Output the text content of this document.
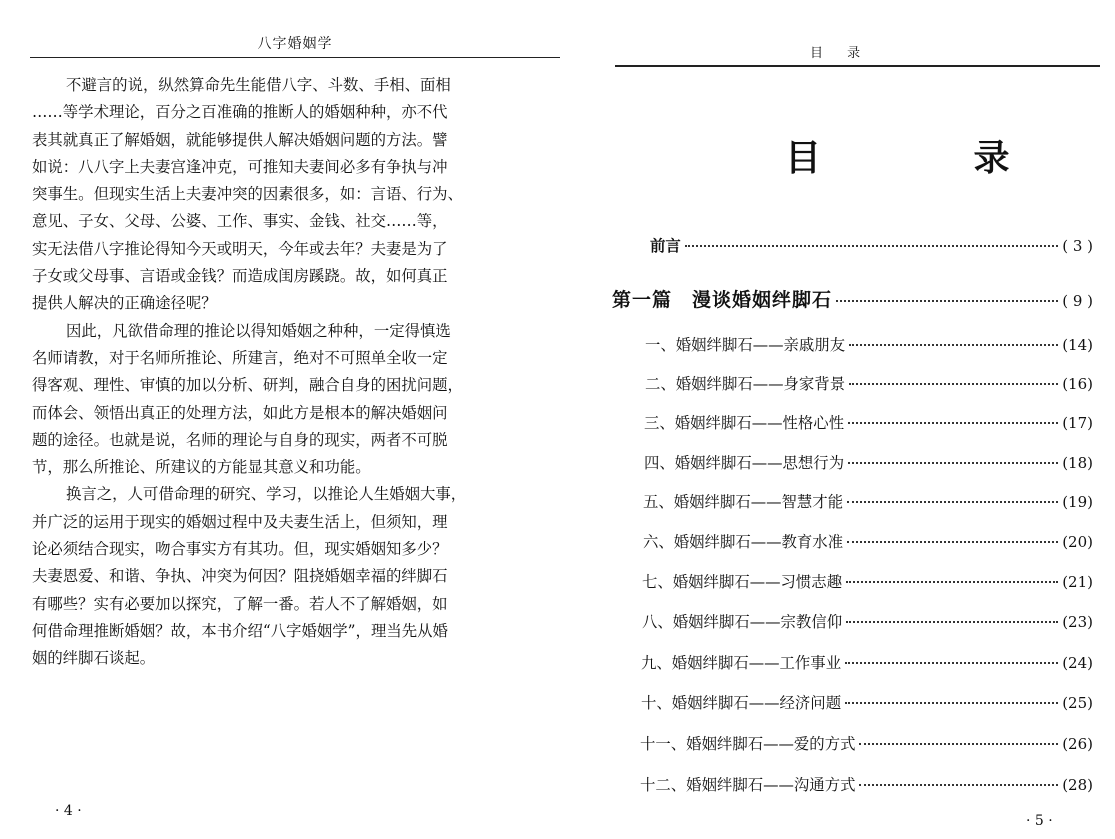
八字婚姻学
不避言的说，纵然算命先生能借八字、斗数、手相、面相
……等学术理论，百分之百准确的推断人的婚姻种种，亦不代
表其就真正了解婚姻，就能够提供人解决婚姻问题的方法。譬
如说：八八字上夫妻宫逢冲克，可推知夫妻间必多有争执与冲
突事生。但现实生活上夫妻冲突的因素很多，如：言语、行为、
意见、子女、父母、公婆、工作、事实、金钱、社交……等，
实无法借八字推论得知今天或明天，今年或去年？夫妻是为了
子女或父母事、言语或金钱？而造成闺房蹊跷。故，如何真正
提供人解决的正确途径呢？
因此，凡欲借命理的推论以得知婚姻之种种，一定得慎选
名师请教，对于名师所推论、所建言，绝对不可照单全收一定
得客观、理性、审慎的加以分析、研判，融合自身的困扰问题，
而体会、领悟出真正的处理方法，如此方是根本的解决婚姻问
题的途径。也就是说，名师的理论与自身的现实，两者不可脱
节，那么所推论、所建议的方能显其意义和功能。
换言之，人可借命理的研究、学习，以推论人生婚姻大事，
并广泛的运用于现实的婚姻过程中及夫妻生活上，但须知，理
论必须结合现实，吻合事实方有其功。但，现实婚姻知多少？
夫妻恩爱、和谐、争执、冲突为何因？阻挠婚姻幸福的绊脚石
有哪些？实有必要加以探究，了解一番。若人不了解婚姻，如
何借命理推断婚姻？故，本书介绍“八字婚姻学”，理当先从婚
姻的绊脚石谈起。
· 4 ·
目 录
目 录
前言	( 3 )
第一篇　漫谈婚姻绊脚石	( 9 )
一、婚姻绊脚石——亲戚朋友	(14)
二、婚姻绊脚石——身家背景	(16)
三、婚姻绊脚石——性格心性	(17)
四、婚姻绊脚石——思想行为	(18)
五、婚姻绊脚石——智慧才能	(19)
六、婚姻绊脚石——教育水准	(20)
七、婚姻绊脚石——习惯志趣	(21)
八、婚姻绊脚石——宗教信仰	(23)
九、婚姻绊脚石——工作事业	(24)
十、婚姻绊脚石——经济问题	(25)
十一、婚姻绊脚石——爱的方式	(26)
十二、婚姻绊脚石——沟通方式	(28)
· 5 ·
